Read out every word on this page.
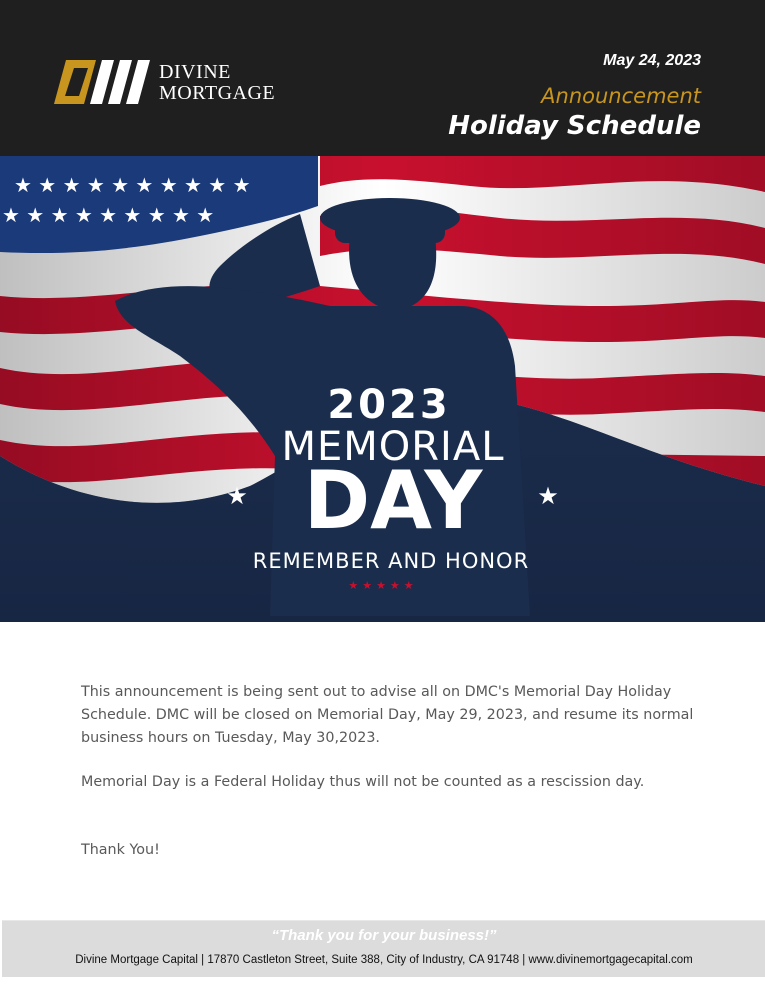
DIVINE
MORTGAGE
May 24, 2023
Announcement
Holiday Schedule
★ ★ ★ ★ ★ ★ ★ ★ ★ ★
★ ★ ★ ★ ★ ★ ★ ★ ★
2023
MEMORIAL
DAY
★	★
REMEMBER AND HONOR
★★★★★

This announcement is being sent out to advise all on DMC's Memorial Day Holiday Schedule. DMC will be closed on Memorial Day, May 29, 2023, and resume its normal business hours on Tuesday, May 30,2023.

Memorial Day is a Federal Holiday thus will not be counted as a rescission day.
Thank You!
“Thank you for your business!”
Divine Mortgage Capital | 17870 Castleton Street, Suite 388, City of Industry, CA 91748 | www.divinemortgagecapital.com
